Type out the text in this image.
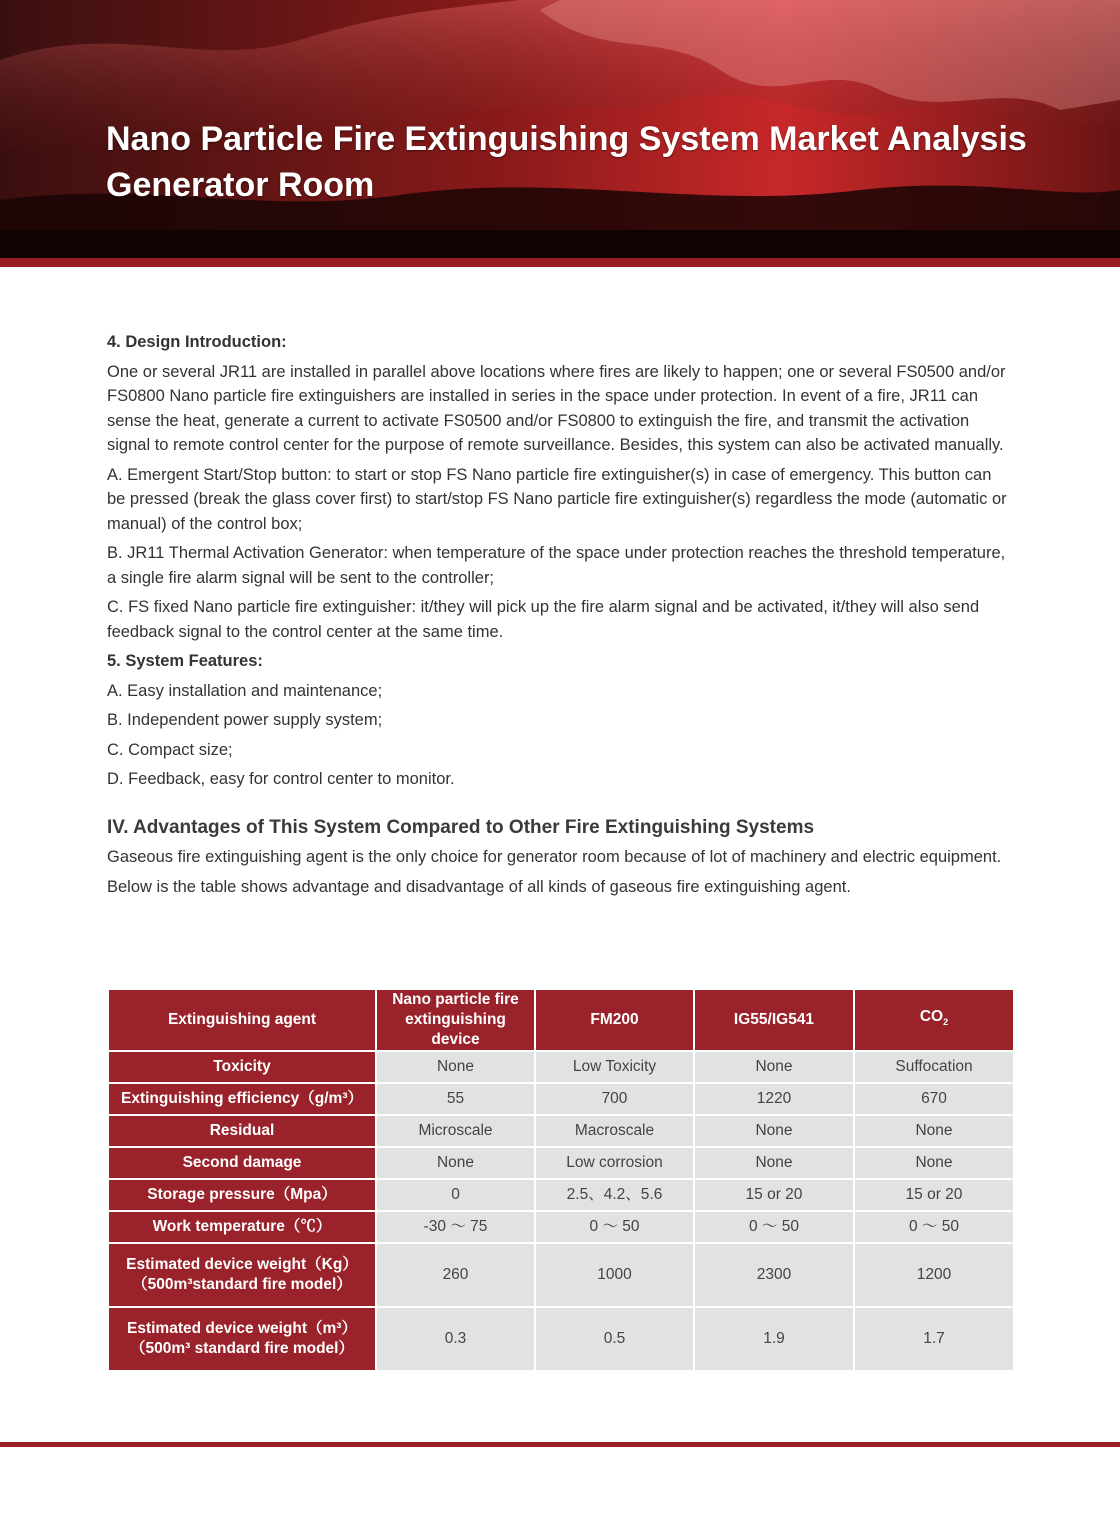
Nano Particle Fire Extinguishing System Market Analysis
Generator Room
4. Design Introduction:

One or several JR11 are installed in parallel above locations where fires are likely to happen; one or several FS0500 and/or FS0800 Nano particle fire extinguishers are installed in series in the space under protection. In event of a fire, JR11 can sense the heat, generate a current to activate FS0500 and/or FS0800 to extinguish the fire, and transmit the activation signal to remote control center for the purpose of remote surveillance. Besides, this system can also be activated manually.

A. Emergent Start/Stop button: to start or stop FS Nano particle fire extinguisher(s) in case of emergency. This button can be pressed (break the glass cover first) to start/stop FS Nano particle fire extinguisher(s) regardless the mode (automatic or manual) of the control box;

B. JR11 Thermal Activation Generator: when temperature of the space under protection reaches the threshold temperature, a single fire alarm signal will be sent to the controller;

C. FS fixed Nano particle fire extinguisher: it/they will pick up the fire alarm signal and be activated, it/they will also send feedback signal to the control center at the same time.

5. System Features:

A. Easy installation and maintenance;

B. Independent power supply system;

C. Compact size;

D. Feedback, easy for control center to monitor.

IV. Advantages of This System Compared to Other Fire Extinguishing Systems

Gaseous fire extinguishing agent is the only choice for generator room because of lot of machinery and electric equipment.

Below is the table shows advantage and disadvantage of all kinds of gaseous fire extinguishing agent.

Extinguishing agent	Nano particle fire extinguishing device	FM200	IG55/IG541	$CO_2$
Toxicity	None	Low Toxicity	None	Suffocation
Extinguishing efficiency（g/m³）	55	700	1220	670
Residual	Microscale	Macroscale	None	None
Second damage	None	Low corrosion	None	None
Storage pressure（Mpa）	0	2.5、4.2、5.6	15 or 20	15 or 20
Work temperature（℃）	-30 ～ 75	0 ～ 50	0 ～ 50	0 ～ 50

Estimated device weight（Kg）
（500m³standard fire model）	260	1000	2300	1200

Estimated device weight（m³）
（500m³ standard fire model）	0.3	0.5	1.9	1.7
